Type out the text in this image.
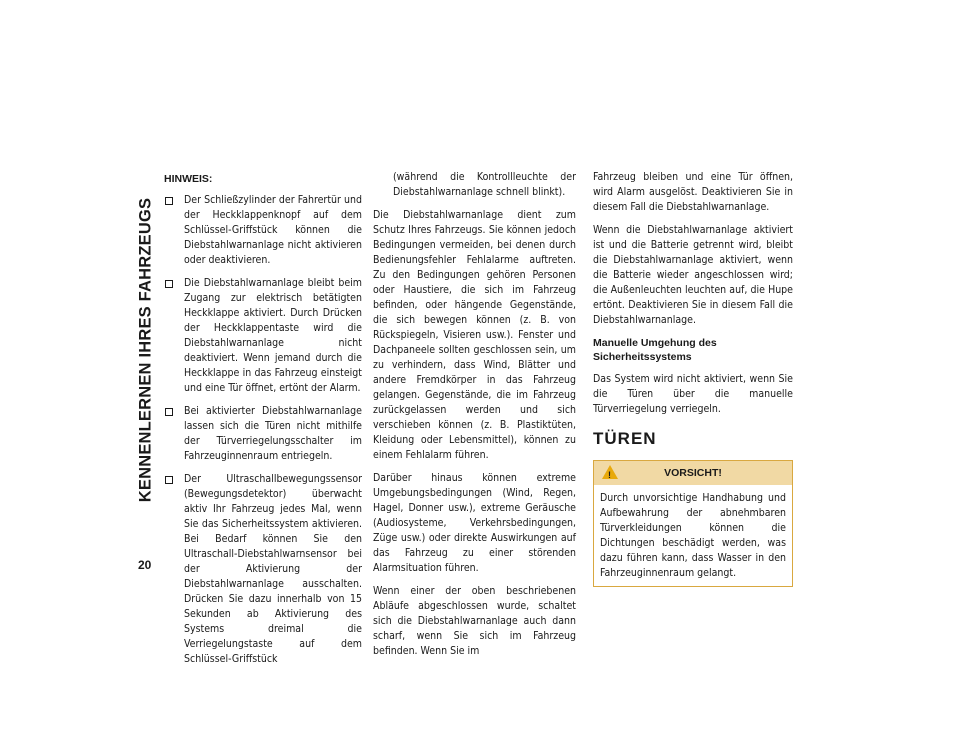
KENNENLERNEN IHRES FAHRZEUGS
20
HINWEIS:
Der Schließzylinder der Fahrertür und der Heckklappenknopf auf dem Schlüssel-Griffstück können die Diebstahlwarnanlage nicht aktivieren oder deaktivieren.
Die Diebstahlwarnanlage bleibt beim Zugang zur elektrisch betätigten Heckklappe aktiviert. Durch Drücken der Heckklappentaste wird die Diebstahlwarnanlage nicht deaktiviert. Wenn jemand durch die Heckklappe in das Fahrzeug einsteigt und eine Tür öffnet, ertönt der Alarm.
Bei aktivierter Diebstahlwarnanlage lassen sich die Türen nicht mithilfe der Türverriegelungsschalter im Fahrzeuginnenraum entriegeln.
Der Ultraschallbewegungssensor (Bewegungsdetektor) überwacht aktiv Ihr Fahrzeug jedes Mal, wenn Sie das Sicherheitssystem aktivieren. Bei Bedarf können Sie den Ultraschall-Diebstahlwarnsensor bei der Aktivierung der Diebstahlwarnanlage ausschalten. Drücken Sie dazu innerhalb von 15 Sekunden ab Aktivierung des Systems dreimal die Verriegelungstaste auf dem Schlüssel-Griffstück
(während die Kontrollleuchte der Diebstahlwarnanlage schnell blinkt).

Die Diebstahlwarnanlage dient zum Schutz Ihres Fahrzeugs. Sie können jedoch Bedingungen vermeiden, bei denen durch Bedienungsfehler Fehlalarme auftreten. Zu den Bedingungen gehören Personen oder Haustiere, die sich im Fahrzeug befinden, oder hängende Gegenstände, die sich bewegen können (z. B. von Rückspiegeln, Visieren usw.). Fenster und Dachpaneele sollten geschlossen sein, um zu verhindern, dass Wind, Blätter und andere Fremdkörper in das Fahrzeug gelangen. Gegenstände, die im Fahrzeug zurückgelassen werden und sich verschieben können (z. B. Plastiktüten, Kleidung oder Lebensmittel), können zu einem Fehlalarm führen.

Darüber hinaus können extreme Umgebungsbedingungen (Wind, Regen, Hagel, Donner usw.), extreme Geräusche (Audiosysteme, Verkehrsbedingungen, Züge usw.) oder direkte Auswirkungen auf das Fahrzeug zu einer störenden Alarmsituation führen.

Wenn einer der oben beschriebenen Abläufe abgeschlossen wurde, schaltet sich die Diebstahlwarnanlage auch dann scharf, wenn Sie sich im Fahrzeug befinden. Wenn Sie im

Fahrzeug bleiben und eine Tür öffnen, wird Alarm ausgelöst. Deaktivieren Sie in diesem Fall die Diebstahlwarnanlage.

Wenn die Diebstahlwarnanlage aktiviert ist und die Batterie getrennt wird, bleibt die Diebstahlwarnanlage aktiviert, wenn die Batterie wieder angeschlossen wird; die Außenleuchten leuchten auf, die Hupe ertönt. Deaktivieren Sie in diesem Fall die Diebstahlwarnanlage.

Manuelle Umgehung des Sicherheitssystems

Das System wird nicht aktiviert, wenn Sie die Türen über die manuelle Türverriegelung verriegeln.

TÜREN
!	VORSICHT!
Durch unvorsichtige Handhabung und Aufbewahrung der abnehmbaren Türverkleidungen können die Dichtungen beschädigt werden, was dazu führen kann, dass Wasser in den Fahrzeuginnenraum gelangt.
